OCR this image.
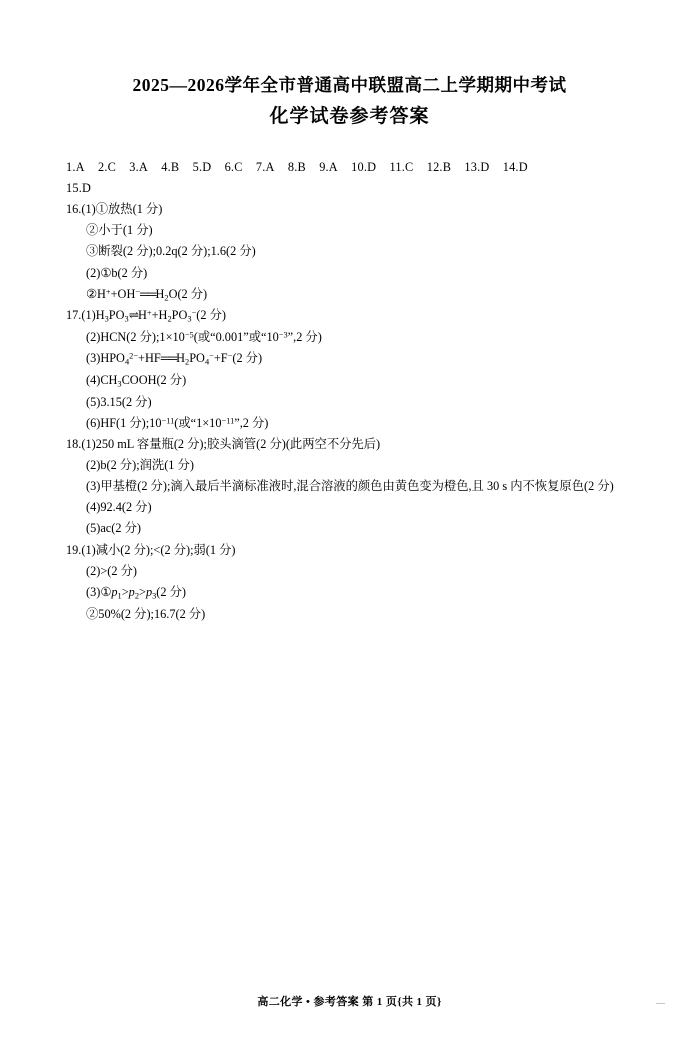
2025—2026学年全市普通高中联盟高二上学期期中考试
化学试卷参考答案
1.A 2.C 3.A 4.B 5.D 6.C 7.A 8.B 9.A 10.D 11.C 12.B 13.D 14.D
15.D
16.(1)①放热(1 分)
②小于(1 分)
③断裂(2 分);0.2q(2 分);1.6(2 分)
(2)①b(2 分)
$②H^++OH^-══H_2O(2$ 分)
$17.(1)H_3PO_3\rightleftharpoons H^++H_2PO_3^-(2$ 分)
(2)HCN(2 分)$;1\times 10^{-5}$(或“0.001”或“$10^{-3}”,2$ 分)
$(3)HPO_4^{2-}+HF══H_2PO_4^-+F^-(2$ 分)
$(4)CH_3COOH(2$ 分)
(5)3.15(2 分)
(6)HF(1 分)$;10^{-11}$(或“$1\times 10^{-11}”,2$ 分)
18.(1)250 mL 容量瓶(2 分);胶头滴管(2 分)(此两空不分先后)
(2)b(2 分);润洗(1 分)
(3)甲基橙(2 分);滴入最后半滴标准液时,混合溶液的颜色由黄色变为橙色,且 30 s 内不恢复原色(2 分)
(4)92.4(2 分)
(5)ac(2 分)
19.(1)减小(2 分);<(2 分);弱(1 分)
(2)>(2 分)
$(3)①p_1>p_2>p_3(2$ 分)
②50%(2 分);16.7(2 分)
高二化学 • 参考答案 第 1 页{共 1 页}	—
